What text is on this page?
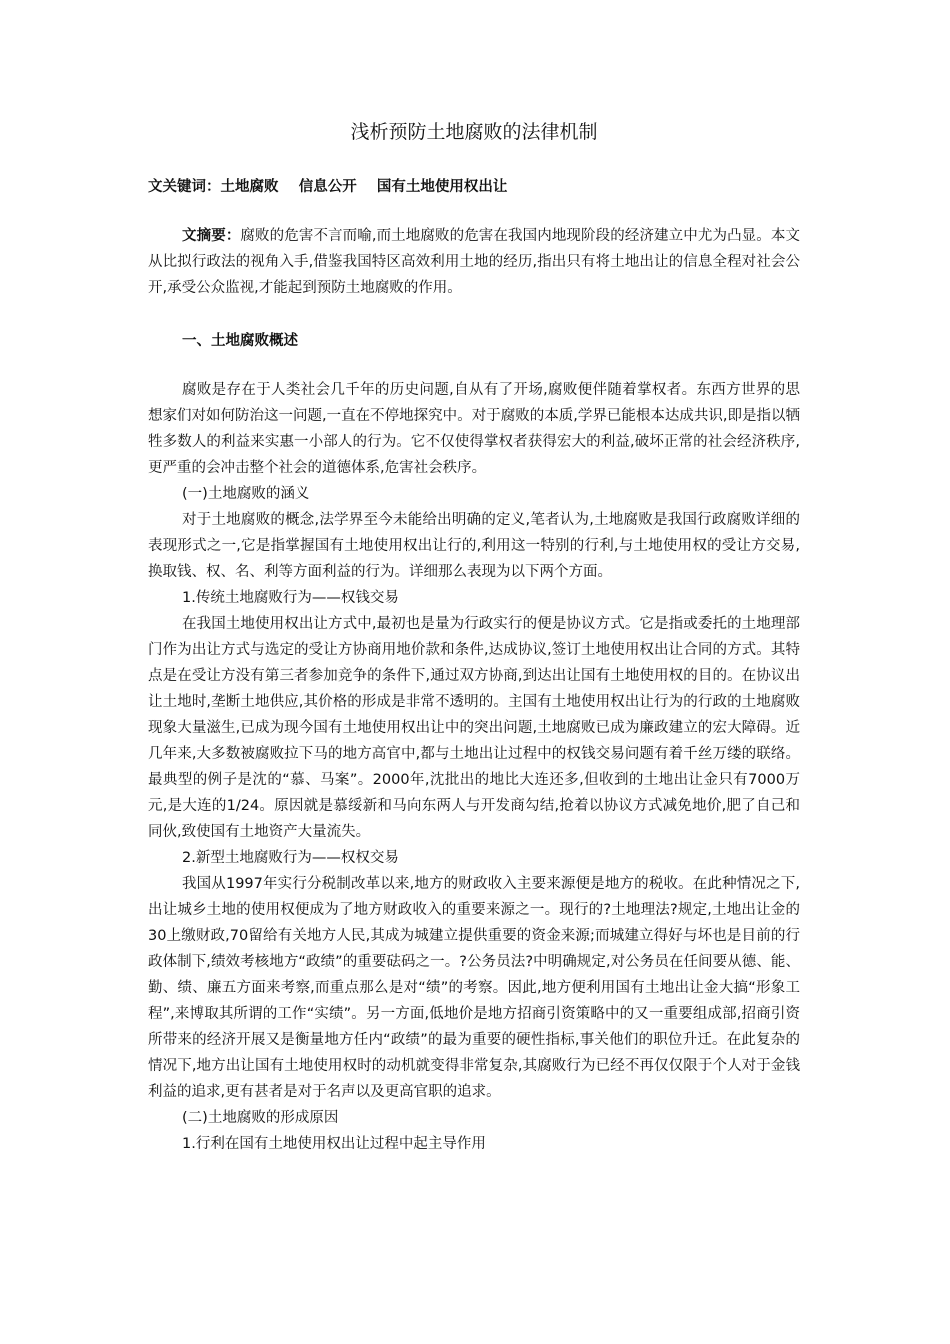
浅析预防土地腐败的法律机制

文关键词：土地腐败    信息公开    国有土地使用权出让

文摘要：腐败的危害不言而喻,而土地腐败的危害在我国内地现阶段的经济建立中尤为凸显。本文从比拟行政法的视角入手,借鉴我国特区高效利用土地的经历,指出只有将土地出让的信息全程对社会公开,承受公众监视,才能起到预防土地腐败的作用。

一、土地腐败概述

腐败是存在于人类社会几千年的历史问题,自从有了开场,腐败便伴随着掌权者。东西方世界的思想家们对如何防治这一问题,一直在不停地探究中。对于腐败的本质,学界已能根本达成共识,即是指以牺牲多数人的利益来实惠一小部人的行为。它不仅使得掌权者获得宏大的利益,破坏正常的社会经济秩序,更严重的会冲击整个社会的道德体系,危害社会秩序。

(一)土地腐败的涵义

对于土地腐败的概念,法学界至今未能给出明确的定义,笔者认为,土地腐败是我国行政腐败详细的表现形式之一,它是指掌握国有土地使用权出让行的,利用这一特别的行利,与土地使用权的受让方交易,换取钱、权、名、利等方面利益的行为。详细那么表现为以下两个方面。

1.传统土地腐败行为——权钱交易

在我国土地使用权出让方式中,最初也是量为行政实行的便是协议方式。它是指或委托的土地理部门作为出让方式与选定的受让方协商用地价款和条件,达成协议,签订土地使用权出让合同的方式。其特点是在受让方没有第三者参加竞争的条件下,通过双方协商,到达出让国有土地使用权的目的。在协议出让土地时,垄断土地供应,其价格的形成是非常不透明的。主国有土地使用权出让行为的行政的土地腐败现象大量滋生,已成为现今国有土地使用权出让中的突出问题,土地腐败已成为廉政建立的宏大障碍。近几年来,大多数被腐败拉下马的地方高官中,都与土地出让过程中的权钱交易问题有着千丝万缕的联络。最典型的例子是沈的“慕、马案”。2000年,沈批出的地比大连还多,但收到的土地出让金只有7000万元,是大连的1/24。原因就是慕绥新和马向东两人与开发商勾结,抢着以协议方式减免地价,肥了自己和同伙,致使国有土地资产大量流失。

2.新型土地腐败行为——权权交易

我国从1997年实行分税制改革以来,地方的财政收入主要来源便是地方的税收。在此种情况之下,出让城乡土地的使用权便成为了地方财政收入的重要来源之一。现行的?土地理法?规定,土地出让金的30上缴财政,70留给有关地方人民,其成为城建立提供重要的资金来源;而城建立得好与坏也是目前的行政体制下,绩效考核地方“政绩”的重要砝码之一。?公务员法?中明确规定,对公务员在任间要从德、能、勤、绩、廉五方面来考察,而重点那么是对“绩”的考察。因此,地方便利用国有土地出让金大搞“形象工程”,来博取其所谓的工作“实绩”。另一方面,低地价是地方招商引资策略中的又一重要组成部,招商引资所带来的经济开展又是衡量地方任内“政绩”的最为重要的硬性指标,事关他们的职位升迁。在此复杂的情况下,地方出让国有土地使用权时的动机就变得非常复杂,其腐败行为已经不再仅仅限于个人对于金钱利益的追求,更有甚者是对于名声以及更高官职的追求。

(二)土地腐败的形成原因

1.行利在国有土地使用权出让过程中起主导作用
